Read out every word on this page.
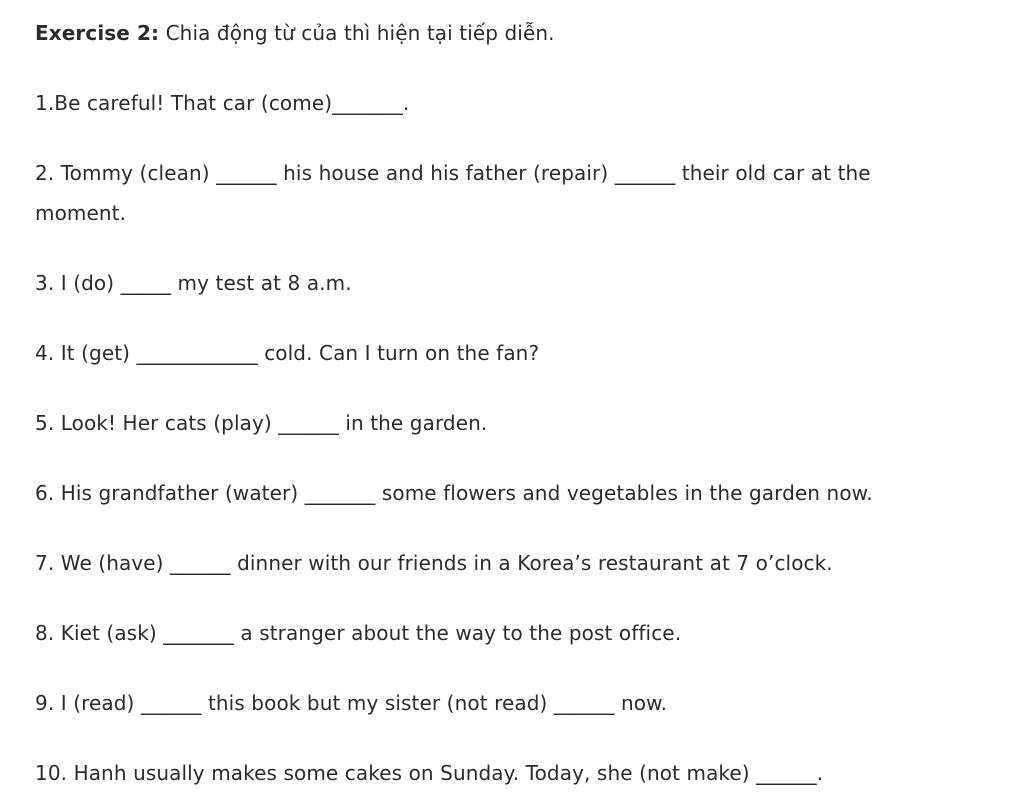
Exercise 2: Chia động từ của thì hiện tại tiếp diễn.
1.Be careful! That car (come)_______.
2. Tommy (clean) ______ his house and his father (repair) ______ their old car at the
moment.
3. I (do) _____ my test at 8 a.m.
4. It (get) ____________ cold. Can I turn on the fan?
5. Look! Her cats (play) ______ in the garden.
6. His grandfather (water) _______ some flowers and vegetables in the garden now.
7. We (have) ______ dinner with our friends in a Korea’s restaurant at 7 o’clock.
8. Kiet (ask) _______ a stranger about the way to the post office.
9. I (read) ______ this book but my sister (not read) ______ now.
10. Hanh usually makes some cakes on Sunday. Today, she (not make) ______.
